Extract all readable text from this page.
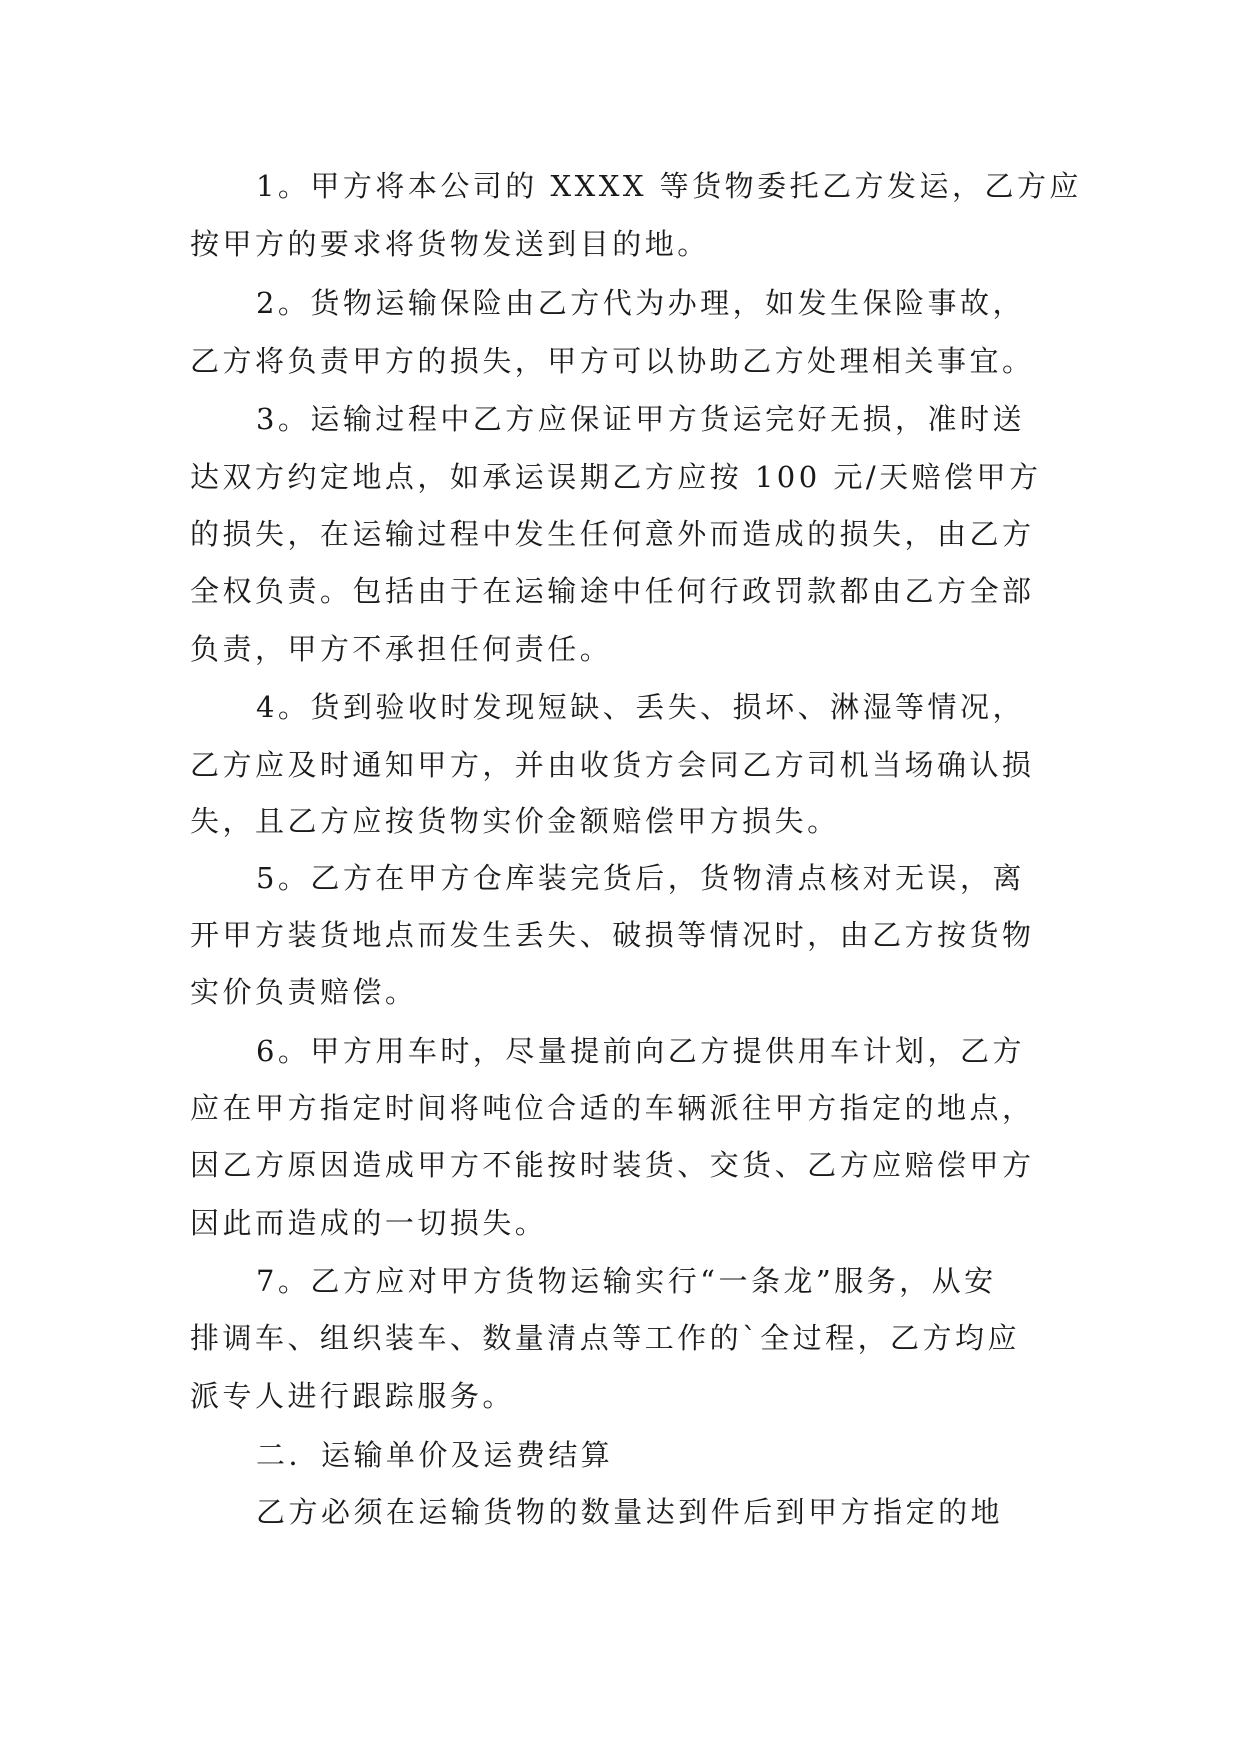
1。甲方将本公司的 XXXX 等货物委托乙方发运，乙方应

按甲方的要求将货物发送到目的地。

2。货物运输保险由乙方代为办理，如发生保险事故，

乙方将负责甲方的损失，甲方可以协助乙方处理相关事宜。

3。运输过程中乙方应保证甲方货运完好无损，准时送

达双方约定地点，如承运误期乙方应按 100 元/天赔偿甲方

的损失，在运输过程中发生任何意外而造成的损失，由乙方

全权负责。包括由于在运输途中任何行政罚款都由乙方全部

负责，甲方不承担任何责任。

4。货到验收时发现短缺、丢失、损坏、淋湿等情况，

乙方应及时通知甲方，并由收货方会同乙方司机当场确认损

失，且乙方应按货物实价金额赔偿甲方损失。

5。乙方在甲方仓库装完货后，货物清点核对无误，离

开甲方装货地点而发生丢失、破损等情况时，由乙方按货物

实价负责赔偿。

6。甲方用车时，尽量提前向乙方提供用车计划，乙方

应在甲方指定时间将吨位合适的车辆派往甲方指定的地点，

因乙方原因造成甲方不能按时装货、交货、乙方应赔偿甲方

因此而造成的一切损失。

7。乙方应对甲方货物运输实行“一条龙”服务，从安

排调车、组织装车、数量清点等工作的`全过程，乙方均应

派专人进行跟踪服务。

二．运输单价及运费结算

乙方必须在运输货物的数量达到件后到甲方指定的地
